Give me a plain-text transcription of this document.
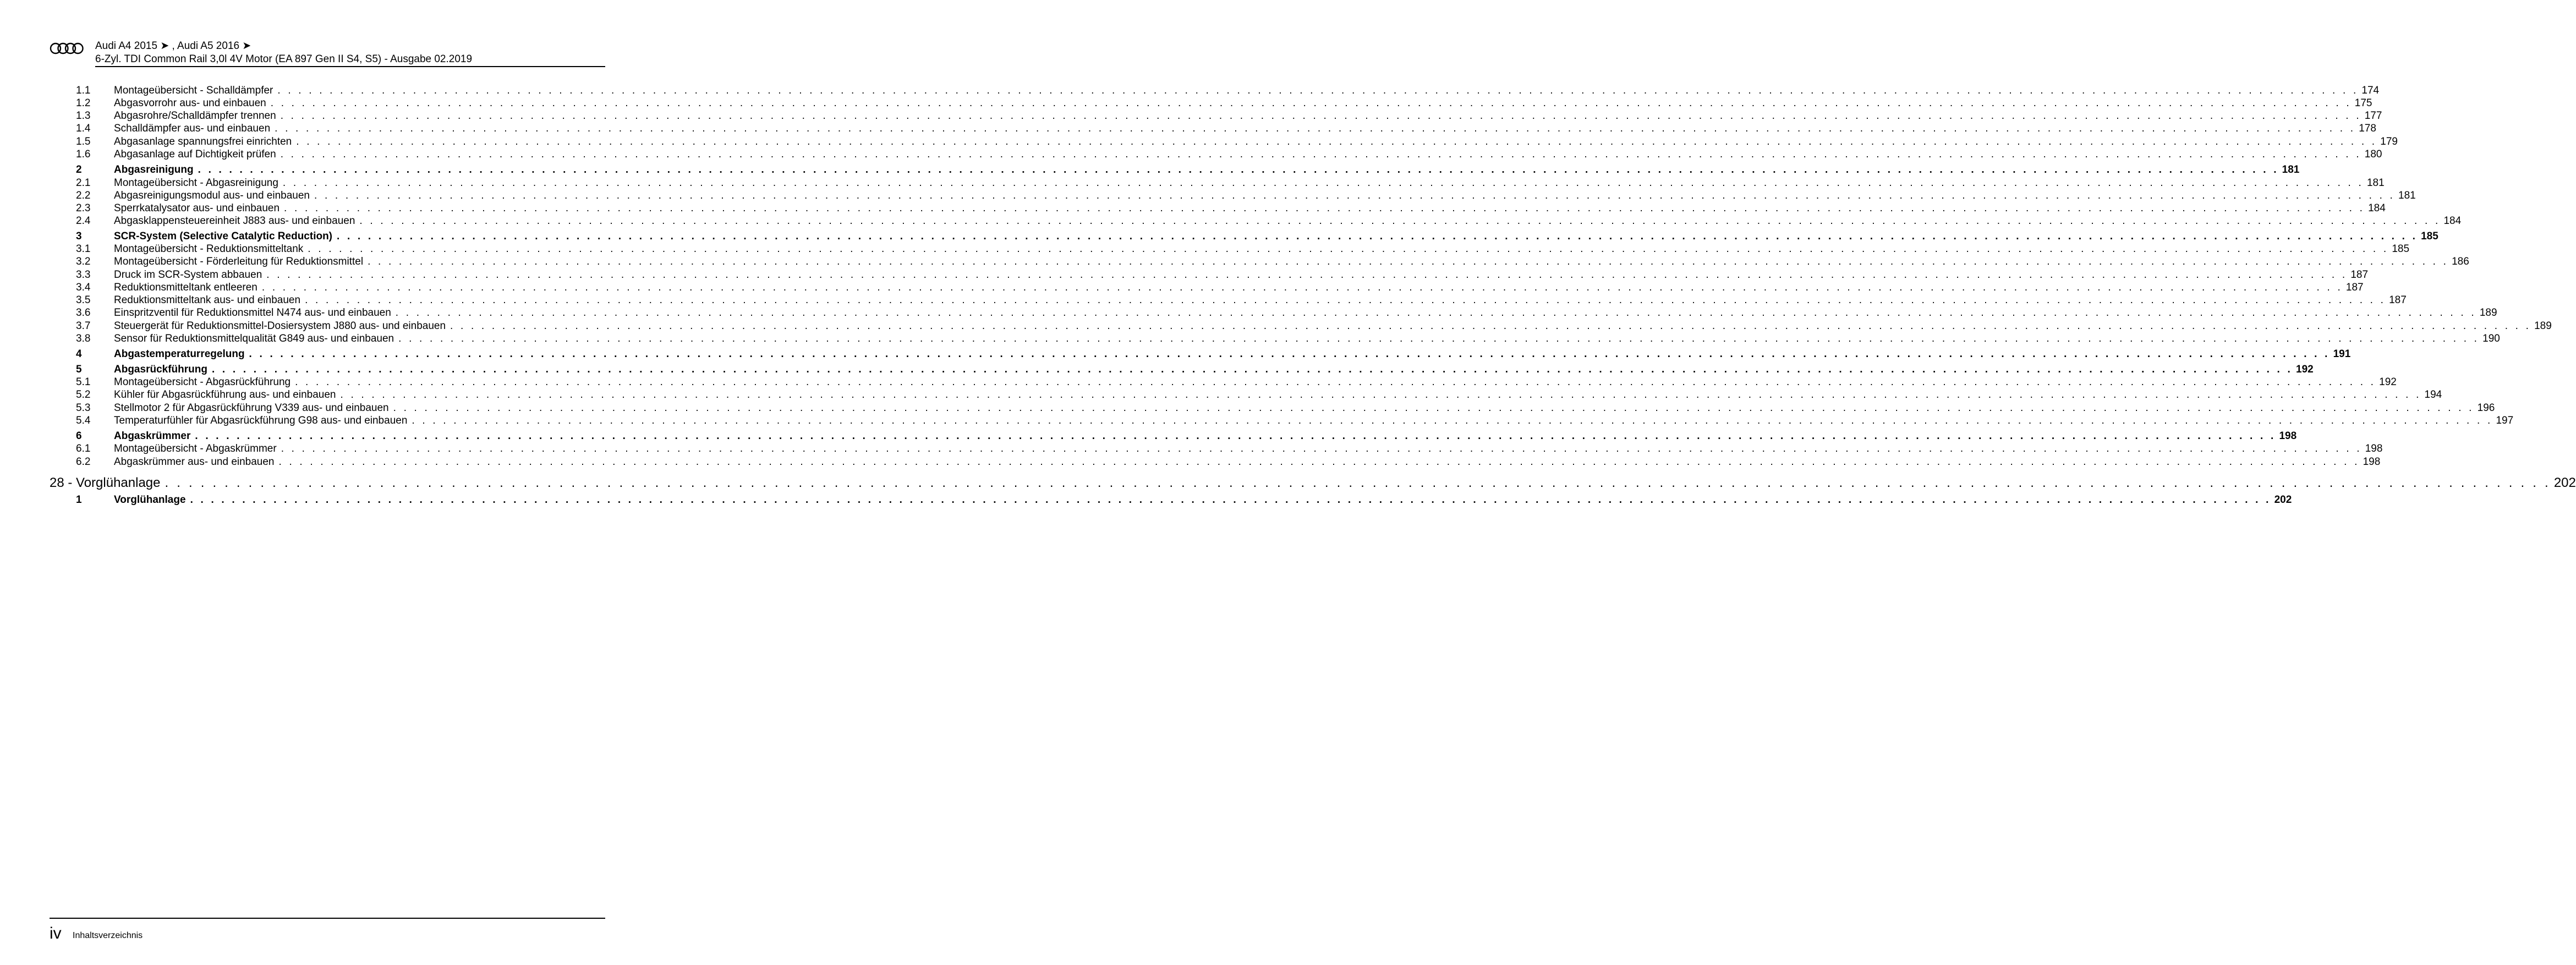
Audi A4 2015 ➤ , Audi A5 2016 ➤
6-Zyl. TDI Common Rail 3,0l 4V Motor (EA 897 Gen II S4, S5) - Ausgabe 02.2019
1.1 Montageübersicht - Schalldämpfer . . . . . . . . . . . . . . . . . . . . . . . . . . . . . . . . . . . . . . . . . . . . . . . . . . . . . . . . . . . . . . . . . . . . . . . . . . . . . . . . . . . . . . . . . . . . . . . . . . . . . . . . . . . . . . . . . . . . . . . . . . . . . . . . . . . . . . . . . . . . . . . . . . . . . . . . . . . . . . . . . . . . . . . . . . . . . . . . . . . . . . . . . . . . . . . . . . . . . . . . 174
1.2 Abgasvorrohr aus- und einbauen . . . . . . . . . . . . . . . . . . . . . . . . . . . . . . . . . . . . . . . . . . . . . . . . . . . . . . . . . . . . . . . . . . . . . . . . . . . . . . . . . . . . . . . . . . . . . . . . . . . . . . . . . . . . . . . . . . . . . . . . . . . . . . . . . . . . . . . . . . . . . . . . . . . . . . . . . . . . . . . . . . . . . . . . . . . . . . . . . . . . . . . . . . . . . . . . . . . . . . . . 175
1.3 Abgasrohre/Schalldämpfer trennen . . . . . . . . . . . . . . . . . . . . . . . . . . . . . . . . . . . . . . . . . . . . . . . . . . . . . . . . . . . . . . . . . . . . . . . . . . . . . . . . . . . . . . . . . . . . . . . . . . . . . . . . . . . . . . . . . . . . . . . . . . . . . . . . . . . . . . . . . . . . . . . . . . . . . . . . . . . . . . . . . . . . . . . . . . . . . . . . . . . . . . . . . . . . . . . . . . . . . . . . 177
1.4 Schalldämpfer aus- und einbauen . . . . . . . . . . . . . . . . . . . . . . . . . . . . . . . . . . . . . . . . . . . . . . . . . . . . . . . . . . . . . . . . . . . . . . . . . . . . . . . . . . . . . . . . . . . . . . . . . . . . . . . . . . . . . . . . . . . . . . . . . . . . . . . . . . . . . . . . . . . . . . . . . . . . . . . . . . . . . . . . . . . . . . . . . . . . . . . . . . . . . . . . . . . . . . . . . . . . . . . . 178
1.5 Abgasanlage spannungsfrei einrichten . . . . . . . . . . . . . . . . . . . . . . . . . . . . . . . . . . . . . . . . . . . . . . . . . . . . . . . . . . . . . . . . . . . . . . . . . . . . . . . . . . . . . . . . . . . . . . . . . . . . . . . . . . . . . . . . . . . . . . . . . . . . . . . . . . . . . . . . . . . . . . . . . . . . . . . . . . . . . . . . . . . . . . . . . . . . . . . . . . . . . . . . . . . . . . . . . . . . . . . . 179
1.6 Abgasanlage auf Dichtigkeit prüfen . . . . . . . . . . . . . . . . . . . . . . . . . . . . . . . . . . . . . . . . . . . . . . . . . . . . . . . . . . . . . . . . . . . . . . . . . . . . . . . . . . . . . . . . . . . . . . . . . . . . . . . . . . . . . . . . . . . . . . . . . . . . . . . . . . . . . . . . . . . . . . . . . . . . . . . . . . . . . . . . . . . . . . . . . . . . . . . . . . . . . . . . . . . . . . . . . . . . . . . . 180
2	Abgasreinigung . . . . . . . . . . . . . . . . . . . . . . . . . . . . . . . . . . . . . . . . . . . . . . . . . . . . . . . . . . . . . . . . . . . . . . . . . . . . . . . . . . . . . . . . . . . . . . . . . . . . . . . . . . . . . . . . . . . . . . . . . . . . . . . . . . . . . . . . . . . . . . . . . . . . . . . . . . . . . . . . . . . . . . . . . . . . . . . . . . . . . . . . . . . . . . . . . . . . . . . . 181
2.1 Montageübersicht - Abgasreinigung . . . . . . . . . . . . . . . . . . . . . . . . . . . . . . . . . . . . . . . . . . . . . . . . . . . . . . . . . . . . . . . . . . . . . . . . . . . . . . . . . . . . . . . . . . . . . . . . . . . . . . . . . . . . . . . . . . . . . . . . . . . . . . . . . . . . . . . . . . . . . . . . . . . . . . . . . . . . . . . . . . . . . . . . . . . . . . . . . . . . . . . . . . . . . . . . . . . . . . . . 181
2.2 Abgasreinigungsmodul aus- und einbauen . . . . . . . . . . . . . . . . . . . . . . . . . . . . . . . . . . . . . . . . . . . . . . . . . . . . . . . . . . . . . . . . . . . . . . . . . . . . . . . . . . . . . . . . . . . . . . . . . . . . . . . . . . . . . . . . . . . . . . . . . . . . . . . . . . . . . . . . . . . . . . . . . . . . . . . . . . . . . . . . . . . . . . . . . . . . . . . . . . . . . . . . . . . . . . . . . . . . . . . . 181
2.3 Sperrkatalysator aus- und einbauen . . . . . . . . . . . . . . . . . . . . . . . . . . . . . . . . . . . . . . . . . . . . . . . . . . . . . . . . . . . . . . . . . . . . . . . . . . . . . . . . . . . . . . . . . . . . . . . . . . . . . . . . . . . . . . . . . . . . . . . . . . . . . . . . . . . . . . . . . . . . . . . . . . . . . . . . . . . . . . . . . . . . . . . . . . . . . . . . . . . . . . . . . . . . . . . . . . . . . . . . 184
2.4 Abgasklappensteuereinheit J883 aus- und einbauen . . . . . . . . . . . . . . . . . . . . . . . . . . . . . . . . . . . . . . . . . . . . . . . . . . . . . . . . . . . . . . . . . . . . . . . . . . . . . . . . . . . . . . . . . . . . . . . . . . . . . . . . . . . . . . . . . . . . . . . . . . . . . . . . . . . . . . . . . . . . . . . . . . . . . . . . . . . . . . . . . . . . . . . . . . . . . . . . . . . . . . . . . . . . . . . . . . . . . . . . 184
3	SCR-System (Selective Catalytic Reduction) . . . . . . . . . . . . . . . . . . . . . . . . . . . . . . . . . . . . . . . . . . . . . . . . . . . . . . . . . . . . . . . . . . . . . . . . . . . . . . . . . . . . . . . . . . . . . . . . . . . . . . . . . . . . . . . . . . . . . . . . . . . . . . . . . . . . . . . . . . . . . . . . . . . . . . . . . . . . . . . . . . . . . . . . . . . . . . . . . . . . . . . . . . . . . . . . . . . . . . . . 185
3.1 Montageübersicht - Reduktionsmitteltank . . . . . . . . . . . . . . . . . . . . . . . . . . . . . . . . . . . . . . . . . . . . . . . . . . . . . . . . . . . . . . . . . . . . . . . . . . . . . . . . . . . . . . . . . . . . . . . . . . . . . . . . . . . . . . . . . . . . . . . . . . . . . . . . . . . . . . . . . . . . . . . . . . . . . . . . . . . . . . . . . . . . . . . . . . . . . . . . . . . . . . . . . . . . . . . . . . . . . . . . 185
3.2 Montageübersicht - Förderleitung für Reduktionsmittel . . . . . . . . . . . . . . . . . . . . . . . . . . . . . . . . . . . . . . . . . . . . . . . . . . . . . . . . . . . . . . . . . . . . . . . . . . . . . . . . . . . . . . . . . . . . . . . . . . . . . . . . . . . . . . . . . . . . . . . . . . . . . . . . . . . . . . . . . . . . . . . . . . . . . . . . . . . . . . . . . . . . . . . . . . . . . . . . . . . . . . . . . . . . . . . . . . . . . . . . 186
3.3 Druck im SCR-System abbauen . . . . . . . . . . . . . . . . . . . . . . . . . . . . . . . . . . . . . . . . . . . . . . . . . . . . . . . . . . . . . . . . . . . . . . . . . . . . . . . . . . . . . . . . . . . . . . . . . . . . . . . . . . . . . . . . . . . . . . . . . . . . . . . . . . . . . . . . . . . . . . . . . . . . . . . . . . . . . . . . . . . . . . . . . . . . . . . . . . . . . . . . . . . . . . . . . . . . . . . . 187
3.4 Reduktionsmitteltank entleeren . . . . . . . . . . . . . . . . . . . . . . . . . . . . . . . . . . . . . . . . . . . . . . . . . . . . . . . . . . . . . . . . . . . . . . . . . . . . . . . . . . . . . . . . . . . . . . . . . . . . . . . . . . . . . . . . . . . . . . . . . . . . . . . . . . . . . . . . . . . . . . . . . . . . . . . . . . . . . . . . . . . . . . . . . . . . . . . . . . . . . . . . . . . . . . . . . . . . . . . . 187
3.5 Reduktionsmitteltank aus- und einbauen . . . . . . . . . . . . . . . . . . . . . . . . . . . . . . . . . . . . . . . . . . . . . . . . . . . . . . . . . . . . . . . . . . . . . . . . . . . . . . . . . . . . . . . . . . . . . . . . . . . . . . . . . . . . . . . . . . . . . . . . . . . . . . . . . . . . . . . . . . . . . . . . . . . . . . . . . . . . . . . . . . . . . . . . . . . . . . . . . . . . . . . . . . . . . . . . . . . . . . . . 187
3.6 Einspritzventil für Reduktionsmittel N474 aus- und einbauen . . . . . . . . . . . . . . . . . . . . . . . . . . . . . . . . . . . . . . . . . . . . . . . . . . . . . . . . . . . . . . . . . . . . . . . . . . . . . . . . . . . . . . . . . . . . . . . . . . . . . . . . . . . . . . . . . . . . . . . . . . . . . . . . . . . . . . . . . . . . . . . . . . . . . . . . . . . . . . . . . . . . . . . . . . . . . . . . . . . . . . . . . . . . . . . . . . . . . . . . 189
3.7 Steuergerät für Reduktionsmittel-Dosiersystem J880 aus- und einbauen . . . . . . . . . . . . . . . . . . . . . . . . . . . . . . . . . . . . . . . . . . . . . . . . . . . . . . . . . . . . . . . . . . . . . . . . . . . . . . . . . . . . . . . . . . . . . . . . . . . . . . . . . . . . . . . . . . . . . . . . . . . . . . . . . . . . . . . . . . . . . . . . . . . . . . . . . . . . . . . . . . . . . . . . . . . . . . . . . . . . . . . . . . . . . . . . . . . . . . . . 189
3.8 Sensor für Reduktionsmittelqualität G849 aus- und einbauen . . . . . . . . . . . . . . . . . . . . . . . . . . . . . . . . . . . . . . . . . . . . . . . . . . . . . . . . . . . . . . . . . . . . . . . . . . . . . . . . . . . . . . . . . . . . . . . . . . . . . . . . . . . . . . . . . . . . . . . . . . . . . . . . . . . . . . . . . . . . . . . . . . . . . . . . . . . . . . . . . . . . . . . . . . . . . . . . . . . . . . . . . . . . . . . . . . . . . . . . 190
4	Abgastemperaturregelung . . . . . . . . . . . . . . . . . . . . . . . . . . . . . . . . . . . . . . . . . . . . . . . . . . . . . . . . . . . . . . . . . . . . . . . . . . . . . . . . . . . . . . . . . . . . . . . . . . . . . . . . . . . . . . . . . . . . . . . . . . . . . . . . . . . . . . . . . . . . . . . . . . . . . . . . . . . . . . . . . . . . . . . . . . . . . . . . . . . . . . . . . . . . . . . . . . . . . . . . 191
5	Abgasrückführung . . . . . . . . . . . . . . . . . . . . . . . . . . . . . . . . . . . . . . . . . . . . . . . . . . . . . . . . . . . . . . . . . . . . . . . . . . . . . . . . . . . . . . . . . . . . . . . . . . . . . . . . . . . . . . . . . . . . . . . . . . . . . . . . . . . . . . . . . . . . . . . . . . . . . . . . . . . . . . . . . . . . . . . . . . . . . . . . . . . . . . . . . . . . . . . . . . . . . . . . 192
5.1 Montageübersicht - Abgasrückführung . . . . . . . . . . . . . . . . . . . . . . . . . . . . . . . . . . . . . . . . . . . . . . . . . . . . . . . . . . . . . . . . . . . . . . . . . . . . . . . . . . . . . . . . . . . . . . . . . . . . . . . . . . . . . . . . . . . . . . . . . . . . . . . . . . . . . . . . . . . . . . . . . . . . . . . . . . . . . . . . . . . . . . . . . . . . . . . . . . . . . . . . . . . . . . . . . . . . . . . . 192
5.2 Kühler für Abgasrückführung aus- und einbauen . . . . . . . . . . . . . . . . . . . . . . . . . . . . . . . . . . . . . . . . . . . . . . . . . . . . . . . . . . . . . . . . . . . . . . . . . . . . . . . . . . . . . . . . . . . . . . . . . . . . . . . . . . . . . . . . . . . . . . . . . . . . . . . . . . . . . . . . . . . . . . . . . . . . . . . . . . . . . . . . . . . . . . . . . . . . . . . . . . . . . . . . . . . . . . . . . . . . . . . . 194
5.3 Stellmotor 2 für Abgasrückführung V339 aus- und einbauen . . . . . . . . . . . . . . . . . . . . . . . . . . . . . . . . . . . . . . . . . . . . . . . . . . . . . . . . . . . . . . . . . . . . . . . . . . . . . . . . . . . . . . . . . . . . . . . . . . . . . . . . . . . . . . . . . . . . . . . . . . . . . . . . . . . . . . . . . . . . . . . . . . . . . . . . . . . . . . . . . . . . . . . . . . . . . . . . . . . . . . . . . . . . . . . . . . . . . . . . 196
5.4 Temperaturfühler für Abgasrückführung G98 aus- und einbauen . . . . . . . . . . . . . . . . . . . . . . . . . . . . . . . . . . . . . . . . . . . . . . . . . . . . . . . . . . . . . . . . . . . . . . . . . . . . . . . . . . . . . . . . . . . . . . . . . . . . . . . . . . . . . . . . . . . . . . . . . . . . . . . . . . . . . . . . . . . . . . . . . . . . . . . . . . . . . . . . . . . . . . . . . . . . . . . . . . . . . . . . . . . . . . . . . . . . . . . . 197
6	Abgaskrümmer . . . . . . . . . . . . . . . . . . . . . . . . . . . . . . . . . . . . . . . . . . . . . . . . . . . . . . . . . . . . . . . . . . . . . . . . . . . . . . . . . . . . . . . . . . . . . . . . . . . . . . . . . . . . . . . . . . . . . . . . . . . . . . . . . . . . . . . . . . . . . . . . . . . . . . . . . . . . . . . . . . . . . . . . . . . . . . . . . . . . . . . . . . . . . . . . . . . . . . . . 198
6.1 Montageübersicht - Abgaskrümmer . . . . . . . . . . . . . . . . . . . . . . . . . . . . . . . . . . . . . . . . . . . . . . . . . . . . . . . . . . . . . . . . . . . . . . . . . . . . . . . . . . . . . . . . . . . . . . . . . . . . . . . . . . . . . . . . . . . . . . . . . . . . . . . . . . . . . . . . . . . . . . . . . . . . . . . . . . . . . . . . . . . . . . . . . . . . . . . . . . . . . . . . . . . . . . . . . . . . . . . . 198
6.2 Abgaskrümmer aus- und einbauen . . . . . . . . . . . . . . . . . . . . . . . . . . . . . . . . . . . . . . . . . . . . . . . . . . . . . . . . . . . . . . . . . . . . . . . . . . . . . . . . . . . . . . . . . . . . . . . . . . . . . . . . . . . . . . . . . . . . . . . . . . . . . . . . . . . . . . . . . . . . . . . . . . . . . . . . . . . . . . . . . . . . . . . . . . . . . . . . . . . . . . . . . . . . . . . . . . . . . . . . 198
28 - Vorglühanlage . . . . . . . . . . . . . . . . . . . . . . . . . . . . . . . . . . . . . . . . . . . . . . . . . . . . . . . . . . . . . . . . . . . . . . . . . . . . . . . . . . . . . . . . . . . . . . . . . . . . . . . . . . . . . . . . . . . . . . . . . . . . . . . . . . . . . . . . . . . . . . . . . . . . . . . . . . . . . . . . . . . . . . . . . . . . . . . . . . . . . . . . . . . . . . . . . . . . . . . . 202
1	Vorglühanlage . . . . . . . . . . . . . . . . . . . . . . . . . . . . . . . . . . . . . . . . . . . . . . . . . . . . . . . . . . . . . . . . . . . . . . . . . . . . . . . . . . . . . . . . . . . . . . . . . . . . . . . . . . . . . . . . . . . . . . . . . . . . . . . . . . . . . . . . . . . . . . . . . . . . . . . . . . . . . . . . . . . . . . . . . . . . . . . . . . . . . . . . . . . . . . . . . . . . . . . . 202
iv Inhaltsverzeichnis
